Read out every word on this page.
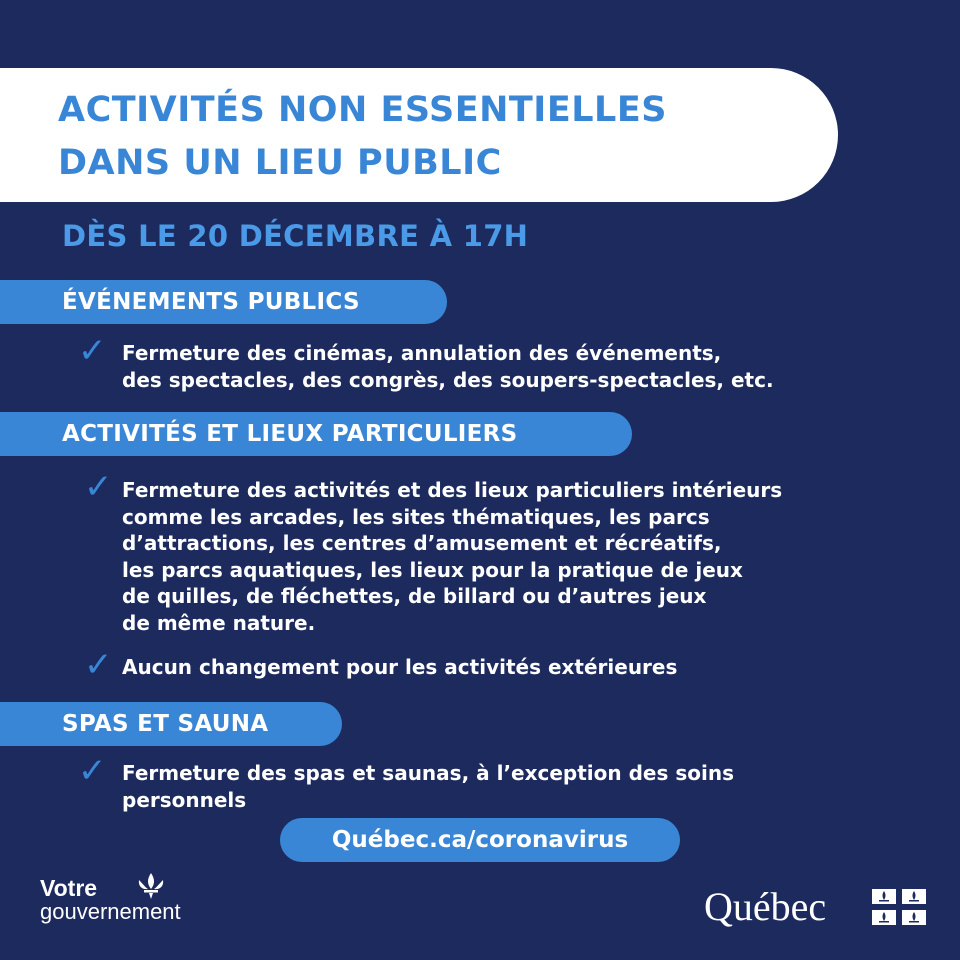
ACTIVITÉS NON ESSENTIELLES
DANS UN LIEU PUBLIC
DÈS LE 20 DÉCEMBRE À 17H
ÉVÉNEMENTS PUBLICS
✓ Fermeture des cinémas, annulation des événements,
des spectacles, des congrès, des soupers-spectacles, etc.
ACTIVITÉS ET LIEUX PARTICULIERS
✓ Fermeture des activités et des lieux particuliers intérieurs
comme les arcades, les sites thématiques, les parcs
d’attractions, les centres d’amusement et récréatifs,
les parcs aquatiques, les lieux pour la pratique de jeux
de quilles, de fléchettes, de billard ou d’autres jeux
de même nature.
✓ Aucun changement pour les activités extérieures
SPAS ET SAUNA
✓ Fermeture des spas et saunas, à l’exception des soins
personnels
Québec.ca/coronavirus
Votre
gouvernement	Québec
